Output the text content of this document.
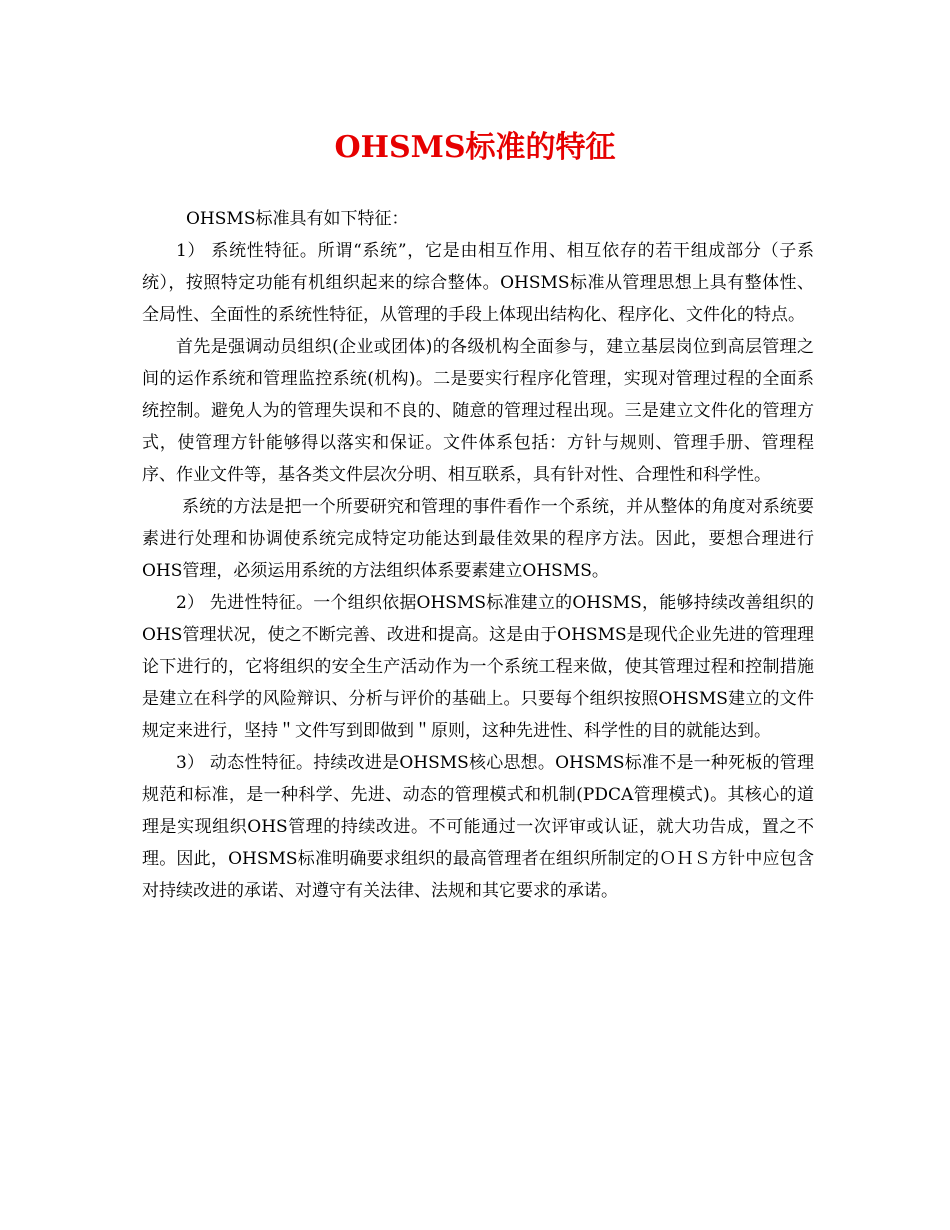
OHSMS标准的特征

OHSMS标准具有如下特征：

1） 系统性特征。所谓“系统”，它是由相互作用、相互依存的若干组成部分（子系统），按照特定功能有机组织起来的综合整体。OHSMS标准从管理思想上具有整体性、全局性、全面性的系统性特征，从管理的手段上体现出结构化、程序化、文件化的特点。

首先是强调动员组织(企业或团体)的各级机构全面参与，建立基层岗位到高层管理之间的运作系统和管理监控系统(机构)。二是要实行程序化管理，实现对管理过程的全面系统控制。避免人为的管理失误和不良的、随意的管理过程出现。三是建立文件化的管理方式，使管理方针能够得以落实和保证。文件体系包括：方针与规则、管理手册、管理程序、作业文件等，基各类文件层次分明、相互联系，具有针对性、合理性和科学性。

系统的方法是把一个所要研究和管理的事件看作一个系统，并从整体的角度对系统要素进行处理和协调使系统完成特定功能达到最佳效果的程序方法。因此，要想合理进行OHS管理，必须运用系统的方法组织体系要素建立OHSMS。

2） 先进性特征。一个组织依据OHSMS标准建立的OHSMS，能够持续改善组织的OHS管理状况，使之不断完善、改进和提高。这是由于OHSMS是现代企业先进的管理理论下进行的，它将组织的安全生产活动作为一个系统工程来做，使其管理过程和控制措施是建立在科学的风险辩识、分析与评价的基础上。只要每个组织按照OHSMS建立的文件规定来进行，坚持＂文件写到即做到＂原则，这种先进性、科学性的目的就能达到。

3） 动态性特征。持续改进是OHSMS核心思想。OHSMS标准不是一种死板的管理规范和标准，是一种科学、先进、动态的管理模式和机制(PDCA管理模式)。其核心的道理是实现组织OHS管理的持续改进。不可能通过一次评审或认证，就大功告成，置之不理。因此，OHSMS标准明确要求组织的最高管理者在组织所制定的ＯＨＳ方针中应包含对持续改进的承诺、对遵守有关法律、法规和其它要求的承诺。
